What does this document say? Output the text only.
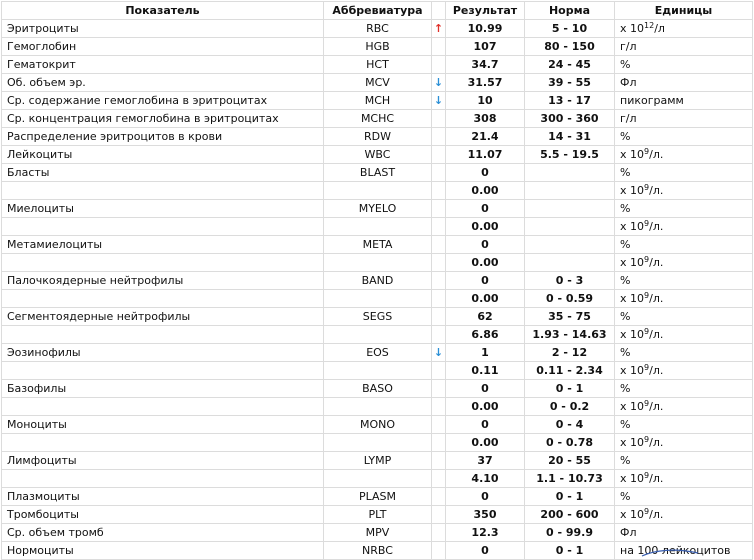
Показатель	Аббревиатура		Результат	Норма	Единицы
Эритроциты	RBC	↑	10.99	5 - 10	x $10^{12}/л$
Гемоглобин	HGB		107	80 - 150	г/л
Гематокрит	HCT		34.7	24 - 45	%
Об. объем эр.	MCV	↓	31.57	39 - 55	Фл
Ср. содержание гемоглобина в эритроцитах	MCH	↓	10	13 - 17	пикограмм
Ср. концентрация гемоглобина в эритроцитах	MCHC		308	300 - 360	г/л
Распределение эритроцитов в крови	RDW		21.4	14 - 31	%
Лейкоциты	WBC		11.07	5.5 - 19.5	x $10^9/л$.
Бласты	BLAST		0		%
			0.00		x $10^9/л$.
Миелоциты	MYELO		0		%
			0.00		x $10^9/л$.
Метамиелоциты	META		0		%
			0.00		x $10^9/л$.
Палочкоядерные нейтрофилы	BAND		0	0 - 3	%
			0.00	0 - 0.59	x $10^9/л$.
Сегментоядерные нейтрофилы	SEGS		62	35 - 75	%
			6.86	1.93 - 14.63	x $10^9/л$.
Эозинофилы	EOS	↓	1	2 - 12	%
			0.11	0.11 - 2.34	x $10^9/л$.
Базофилы	BASO		0	0 - 1	%
			0.00	0 - 0.2	x $10^9/л$.
Моноциты	MONO		0	0 - 4	%
			0.00	0 - 0.78	x $10^9/л$.
Лимфоциты	LYMP		37	20 - 55	%
			4.10	1.1 - 10.73	x $10^9/л$.
Плазмоциты	PLASM		0	0 - 1	%
Тромбоциты	PLT		350	200 - 600	x $10^9/л$.
Ср. объем тромб	MPV		12.3	0 - 99.9	Фл
Нормоциты	NRBC		0	0 - 1	на 100 лейкоцитов
